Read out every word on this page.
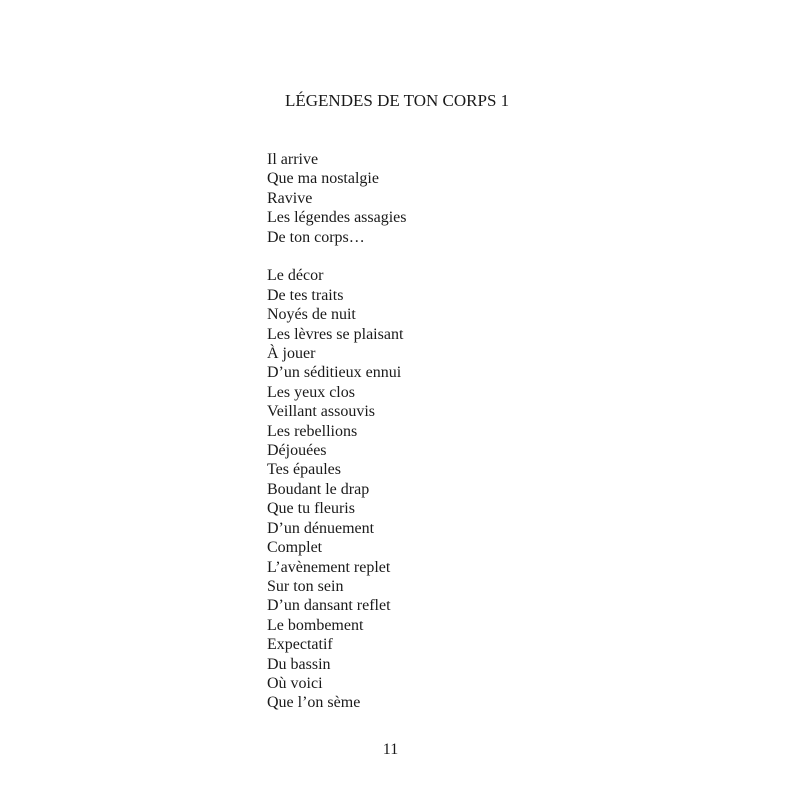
LÉGENDES DE TON CORPS 1
Il arrive
Que ma nostalgie
Ravive
Les légendes assagies
De ton corps…
Le décor
De tes traits
Noyés de nuit
Les lèvres se plaisant
À jouer
D’un séditieux ennui
Les yeux clos
Veillant assouvis
Les rebellions
Déjouées
Tes épaules
Boudant le drap
Que tu fleuris
D’un dénuement
Complet
L’avènement replet
Sur ton sein
D’un dansant reflet
Le bombement
Expectatif
Du bassin
Où voici
Que l’on sème
11
